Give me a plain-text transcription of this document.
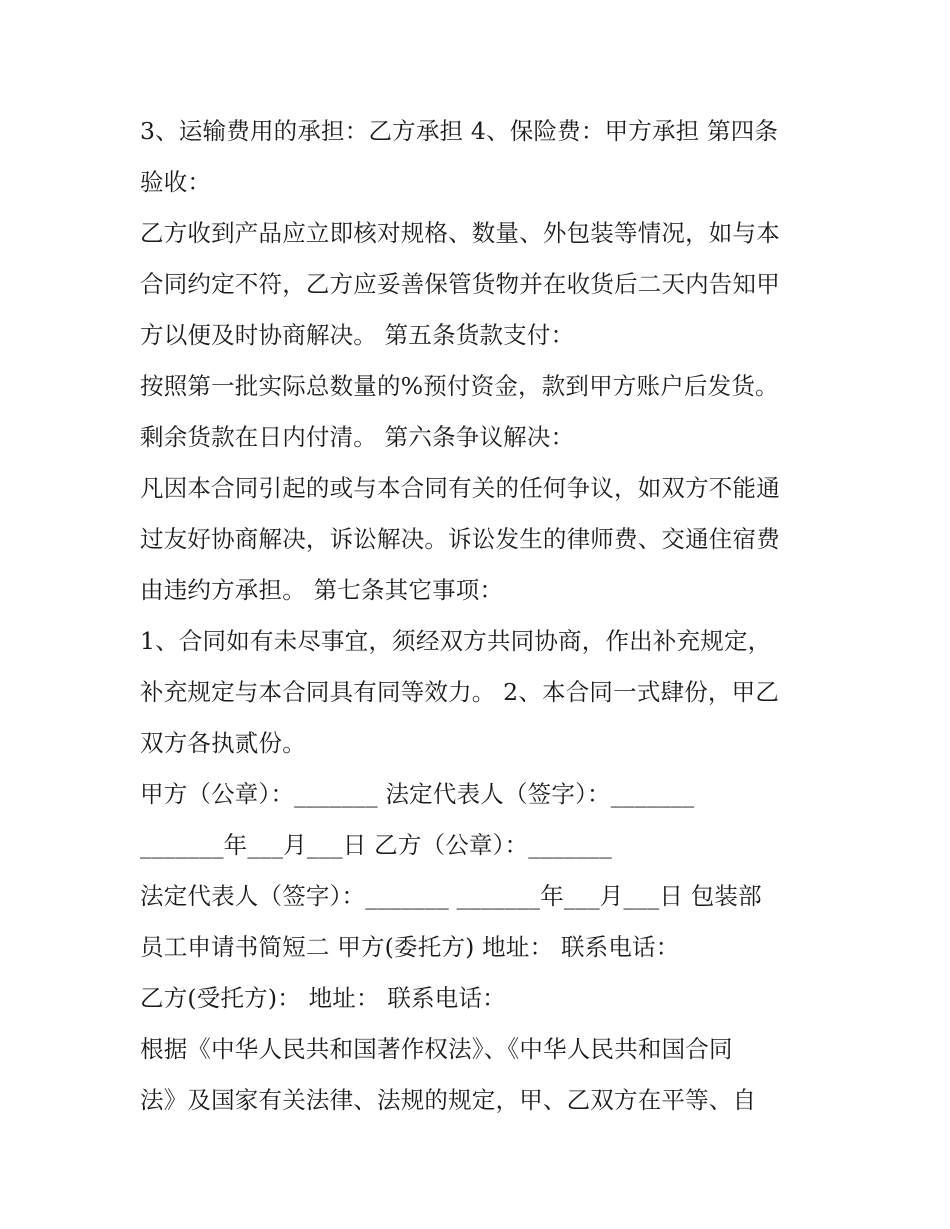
3、运输费用的承担：乙方承担 4、保险费：甲方承担 第四条
验收：
乙方收到产品应立即核对规格、数量、外包装等情况，如与本
合同约定不符，乙方应妥善保管货物并在收货后二天内告知甲
方以便及时协商解决。 第五条货款支付：
按照第一批实际总数量的%预付资金，款到甲方账户后发货。
剩余货款在日内付清。 第六条争议解决：
凡因本合同引起的或与本合同有关的任何争议，如双方不能通
过友好协商解决，诉讼解决。诉讼发生的律师费、交通住宿费
由违约方承担。 第七条其它事项：
1、合同如有未尽事宜，须经双方共同协商，作出补充规定，
补充规定与本合同具有同等效力。 2、本合同一式肆份，甲乙
双方各执贰份。
甲方（公章）：_______ 法定代表人（签字）：_______
_______年___月___日 乙方（公章）：_______
法定代表人（签字）：_______ _______年___月___日 包装部
员工申请书简短二 甲方(委托方) 地址： 联系电话：
乙方(受托方)： 地址： 联系电话：
根据《中华人民共和国著作权法》、《中华人民共和国合同
法》及国家有关法律、法规的规定，甲、乙双方在平等、自
